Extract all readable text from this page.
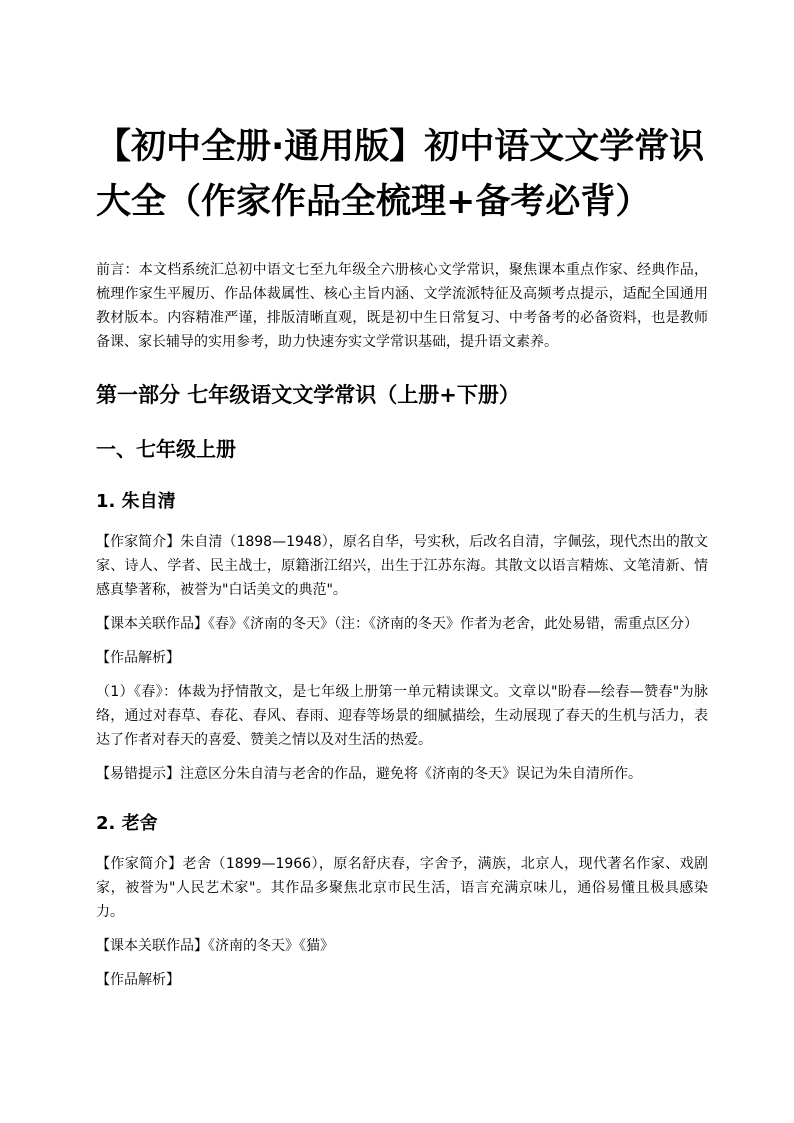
【初中全册·通用版】初中语文文学常识大全（作家作品全梳理+备考必背）
前言：本文档系统汇总初中语文七至九年级全六册核心文学常识，聚焦课本重点作家、经典作品，梳理作家生平履历、作品体裁属性、核心主旨内涵、文学流派特征及高频考点提示，适配全国通用教材版本。内容精准严谨，排版清晰直观，既是初中生日常复习、中考备考的必备资料，也是教师备课、家长辅导的实用参考，助力快速夯实文学常识基础，提升语文素养。
第一部分 七年级语文文学常识（上册+下册）
一、七年级上册
1. 朱自清
【作家简介】朱自清（1898—1948），原名自华，号实秋，后改名自清，字佩弦，现代杰出的散文家、诗人、学者、民主战士，原籍浙江绍兴，出生于江苏东海。其散文以语言精炼、文笔清新、情感真挚著称，被誉为"白话美文的典范"。
【课本关联作品】《春》《济南的冬天》（注：《济南的冬天》作者为老舍，此处易错，需重点区分）
【作品解析】
（1）《春》：体裁为抒情散文，是七年级上册第一单元精读课文。文章以"盼春—绘春—赞春"为脉络，通过对春草、春花、春风、春雨、迎春等场景的细腻描绘，生动展现了春天的生机与活力，表达了作者对春天的喜爱、赞美之情以及对生活的热爱。
【易错提示】注意区分朱自清与老舍的作品，避免将《济南的冬天》误记为朱自清所作。
2. 老舍
【作家简介】老舍（1899—1966），原名舒庆春，字舍予，满族，北京人，现代著名作家、戏剧家，被誉为"人民艺术家"。其作品多聚焦北京市民生活，语言充满京味儿，通俗易懂且极具感染力。
【课本关联作品】《济南的冬天》《猫》
【作品解析】
